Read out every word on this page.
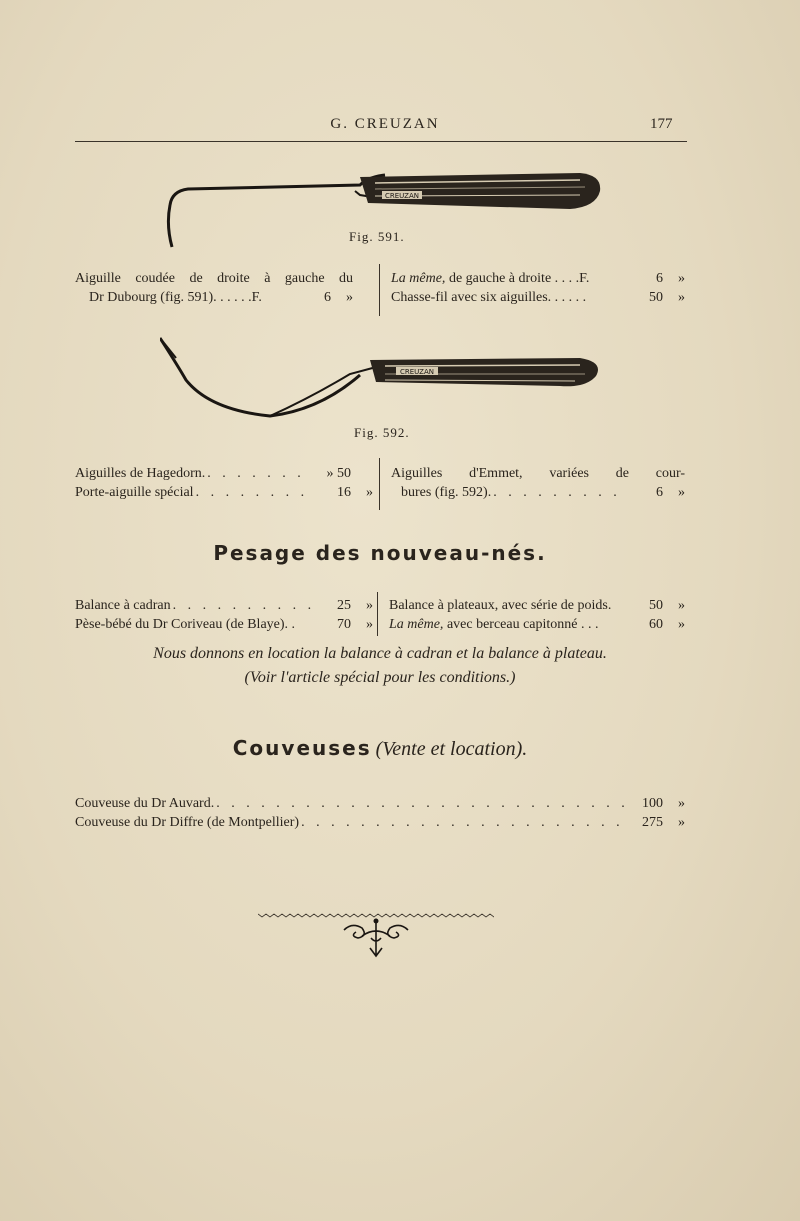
G. CREUZAN	177
CREUZAN
Fig. 591.
Aiguille coudée de droite à gauche du
Dr Dubourg (fig. 591). . . . . .F.	6	»
La même, de gauche à droite . . . .F.	6	»
Chasse-fil avec six aiguilles. . . . . .	50	»
CREUZAN
Fig. 592.
Aiguilles de Hagedorn. . . .	» 50
Porte-aiguille spécial . . .	16	»
Aiguilles d'Emmet, variées de cour-
bures (fig. 592). . . .	6	»
Pesage des nouveau-nés.
Balance à cadran . . .	25	»
Pèse-bébé du Dr Coriveau (de Blaye). .	70	»
Balance à plateaux, avec série de poids.	50	»
La même, avec berceau capitonné . . .	60	»
Nous donnons en location la balance à cadran et la balance à plateau.
(Voir l'article spécial pour les conditions.)
Couveuses (Vente et location).
Couveuse du Dr Auvard. . . .	100	»
Couveuse du Dr Diffre (de Montpellier) . . .	275	»
